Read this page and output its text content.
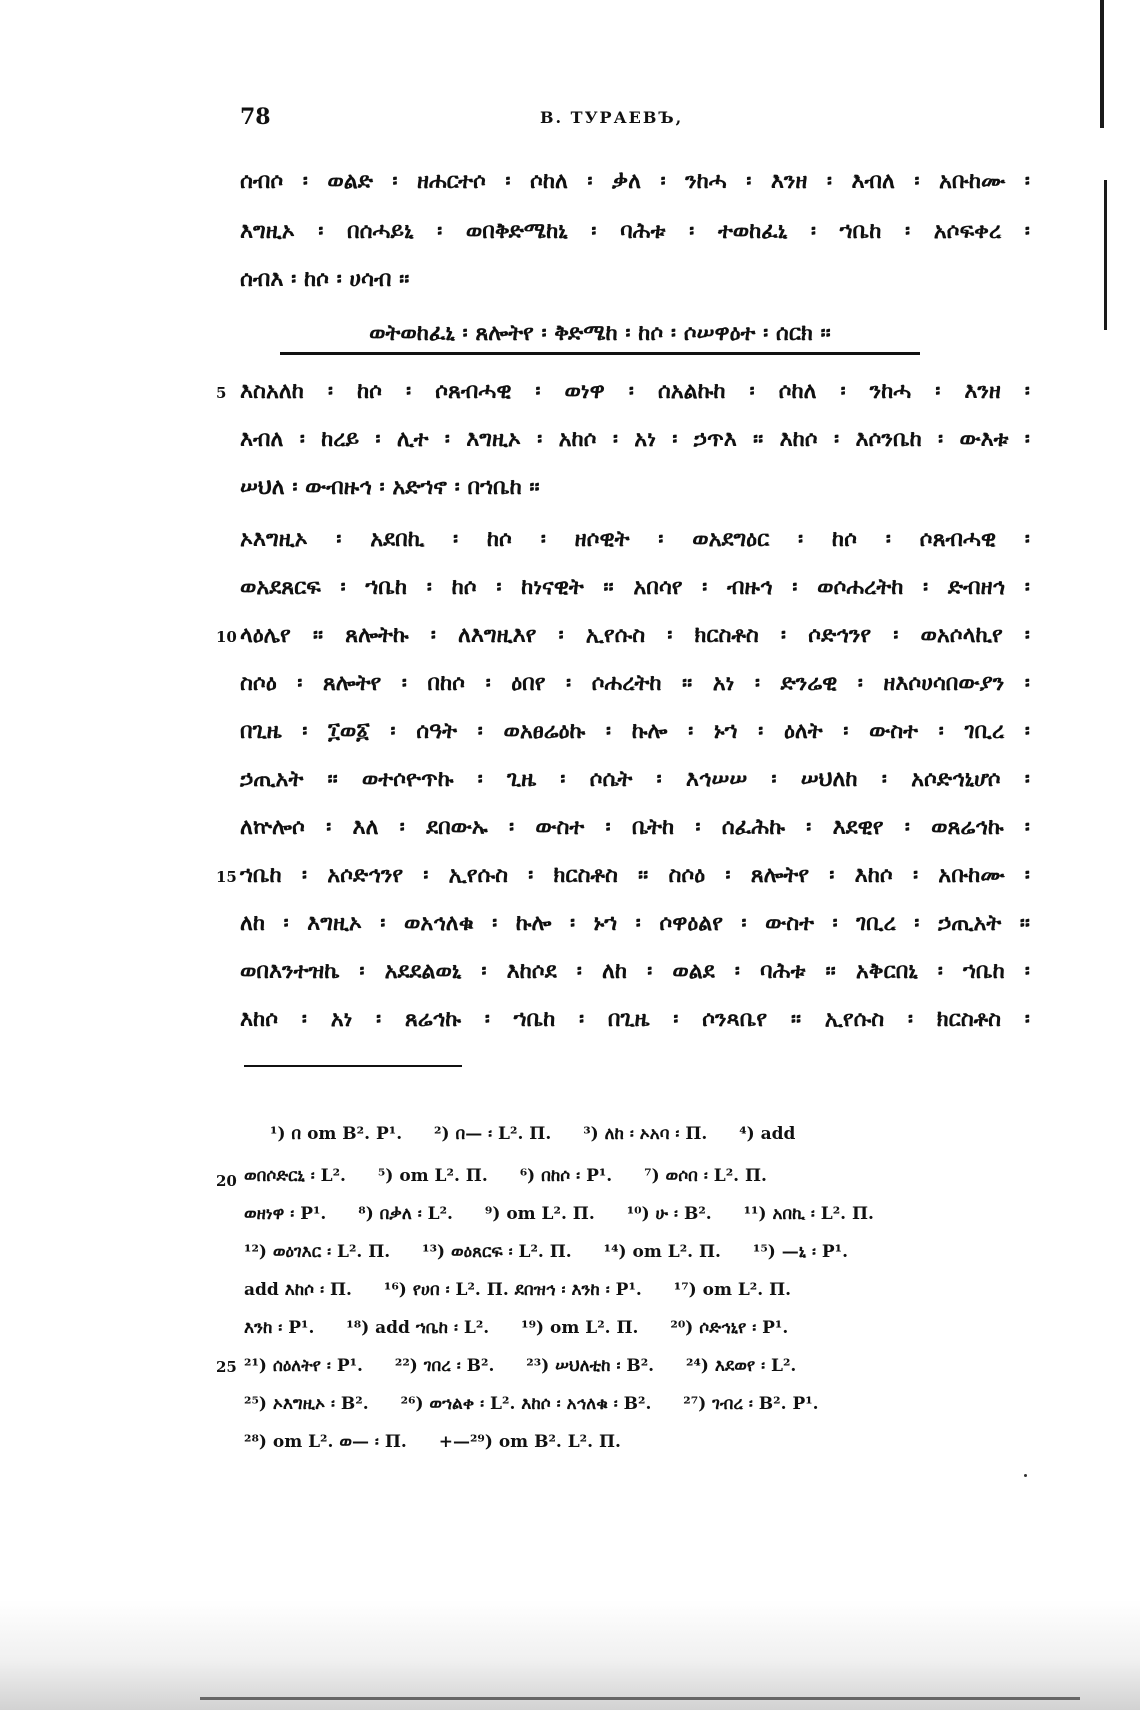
78	В. ТУРАЕВЪ,
ሰብሶ ፡ ወልድ ፡ ዘሐርተሶ ፡ ሶከለ ፡ ቃለ ፡ ንከሓ ፡ እንዘ ፡ እብለ ፡ አቡከሙ ፡
እግዚኦ ፡ በሰሓይኒ ፡ ወበቅድሜከኒ ፡ ባሕቱ ፡ ተወከፈኒ ፡ ኀቤከ ፡ አሶፍቀረ ፡
ሰብእ ፡ ከሶ ፡ ሀሳብ ።
ወትወከፈኒ ፡ ጸሎትየ ፡ ቅድሜከ ፡ ከሶ ፡ ሶሠዋዕተ ፡ ሰርክ ።
እስአለከ ፡ ከሶ ፡ ሶጸብሓዊ ፡ ወነዋ ፡ ሰአልኩከ ፡ ሶከለ ፡ ንከሓ ፡ እንዘ ፡
እብለ ፡ ከረይ ፡ ሊተ ፡ እግዚኦ ፡ አከሶ ፡ አነ ፡ ኃጥእ ። እከሶ ፡ እሶንቤከ ፡ ውእቱ ፡
ሠህለ ፡ ውብዙኅ ፡ አድኀኖ ፡ በኀቤከ ።
ኦእግዚኦ ፡ አደበኪ ፡ ከሶ ፡ ዘሶዊት ፡ ወአደግዕር ፡ ከሶ ፡ ሶጸብሓዊ ፡
ወአደጸርፍ ፡ ኀቤከ ፡ ከሶ ፡ ከነናዊት ። አበሳየ ፡ ብዙኅ ፡ ወሶሐረትከ ፡ ድብዘኅ ፡
ላዕሌየ ። ጸሎትኩ ፡ ለእግዚእየ ፡ ኢየሱስ ፡ ክርስቶስ ፡ ሶድኅንየ ፡ ወአሶላኪየ ፡
ስሶዕ ፡ ጸሎትየ ፡ በከሶ ፡ ዕበየ ፡ ሶሐረትከ ። አነ ፡ ድንሬዊ ፡ ዘእሶሀሳበውያን ፡
በጊዜ ፡ ፲ወ፩ ፡ ሰዓት ፡ ወአፀሬዕኩ ፡ ኩሎ ፡ ኑኀ ፡ ዕለት ፡ ውስተ ፡ ገቢረ ፡
ኃጢአት ። ወተሶዮጥኩ ፡ ጊዜ ፡ ሶሴት ፡ እኅሠሠ ፡ ሠህለከ ፡ አሶድኅኒሆሶ ፡
ለኵሎሶ ፡ እለ ፡ ደበውኡ ፡ ውስተ ፡ ቤትከ ፡ ሰፈሕኩ ፡ እደዊየ ፡ ወጸሬኅኩ ፡
ኀቤከ ፡ አሶድኅንየ ፡ ኢየሱስ ፡ ክርስቶስ ። ስሶዕ ፡ ጸሎትየ ፡ እከሶ ፡ አቡከሙ ፡
ለከ ፡ እግዚኦ ፡ ወአኅለቁ ፡ ኩሎ ፡ ኑኀ ፡ ሶዋዕልየ ፡ ውስተ ፡ ገቢረ ፡ ኃጢአት ።
ወበእንተዝኬ ፡ አደደልወኒ ፡ እከሶደ ፡ ለከ ፡ ወልደ ፡ ባሕቱ ። አቅርበኒ ፡ ኀቤከ ፡
እከሶ ፡ አነ ፡ ጸሬኅኩ ፡ ኀቤከ ፡ በጊዜ ፡ ሶንጻቤየ ። ኢየሱስ ፡ ክርስቶስ ፡
5
10
15
20
25
¹) በ om B². P¹. ²) በ— ፡ L². Π. ³) ለከ ፡ ኦአባ ፡ Π. ⁴) add
ወበሶድርኒ ፡ L². ⁵) om L². Π. ⁶) በከሶ ፡ P¹. ⁷) ወሶበ ፡ L². Π.
ወዘነዋ ፡ P¹. ⁸) በቃለ ፡ L². ⁹) om L². Π. ¹⁰) ሁ ፡ B². ¹¹) አበኪ ፡ L². Π.
¹²) ወዕገእር ፡ L². Π. ¹³) ወዕጸርፍ ፡ L². Π. ¹⁴) om L². Π. ¹⁵) —ኒ ፡ P¹.
add እከሶ ፡ Π. ¹⁶) የሀበ ፡ L². Π. ደበዝኅ ፡ እንከ ፡ P¹. ¹⁷) om L². Π.
እንከ ፡ P¹. ¹⁸) add ኀቤከ ፡ L². ¹⁹) om L². Π. ²⁰) ሶድኅኒየ ፡ P¹.
²¹) ሰዕለትየ ፡ P¹. ²²) ገበረ ፡ B². ²³) ሠህለቲከ ፡ B². ²⁴) እደወየ ፡ L².
²⁵) ኦእግዚኦ ፡ B². ²⁶) ወኀልቀ ፡ L². እከሶ ፡ አኅለቁ ፡ B². ²⁷) ገብረ ፡ B². P¹.
²⁸) om L². ወ— ፡ Π. +—²⁹) om B². L². Π.
